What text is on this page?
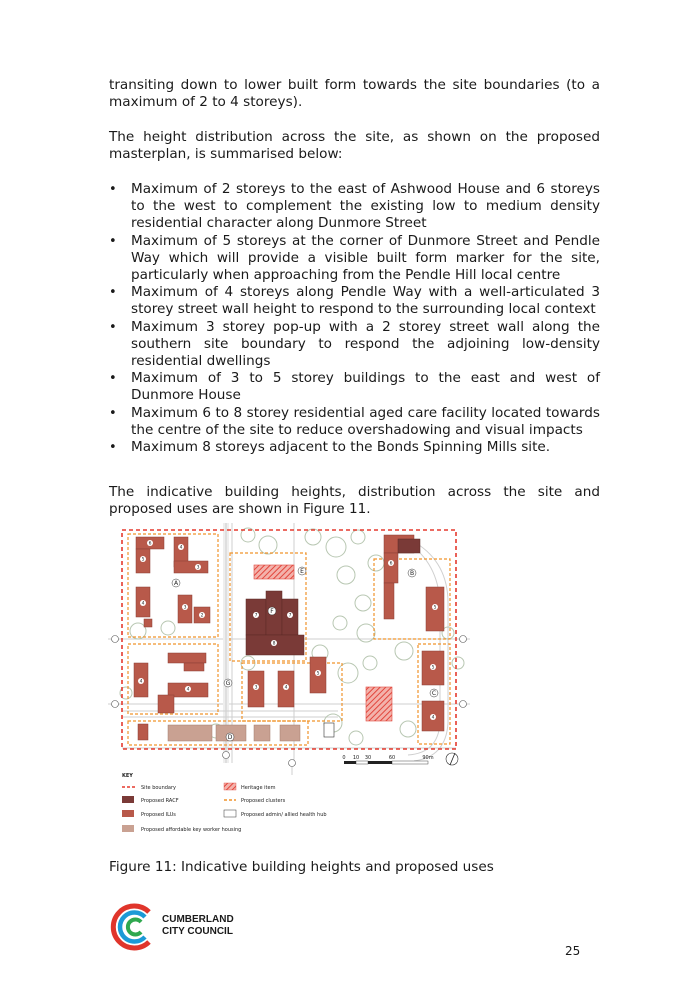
transiting down to lower built form towards the site boundaries (to a maximum of 2 to 4 storeys).

The height distribution across the site, as shown on the proposed masterplan, is summarised below:

• Maximum of 2 storeys to the east of Ashwood House and 6 storeys to the west to complement the existing low to medium density residential character along Dunmore Street
• Maximum of 5 storeys at the corner of Dunmore Street and Pendle Way which will provide a visible built form marker for the site, particularly when approaching from the Pendle Hill local centre
• Maximum of 4 storeys along Pendle Way with a well-articulated 3 storey street wall height to respond to the surrounding local context
• Maximum 3 storey pop-up with a 2 storey street wall along the southern site boundary to respond the adjoining low-density residential dwellings
• Maximum of 3 to 5 storey buildings to the east and west of Dunmore House
• Maximum 6 to 8 storey residential aged care facility located towards the centre of the site to reduce overshadowing and visual impacts
• Maximum 8 storeys adjacent to the Bonds Spinning Mills site.

The indicative building heights, distribution across the site and proposed uses are shown in Figure 11.

A
B
C
D
E
F
G
6
5
4
3
4
3
2	7	7
8
6
5
4
4	3	4
5
5
4
0 10 30	60	90m
KEY
Site boundary	Heritage item
Proposed RACF	Proposed clusters
Proposed ILUs	Proposed admin/ allied health hub
Proposed affordable key worker housing

Figure 11: Indicative building heights and proposed uses

CUMBERLAND
CITY COUNCIL
25
